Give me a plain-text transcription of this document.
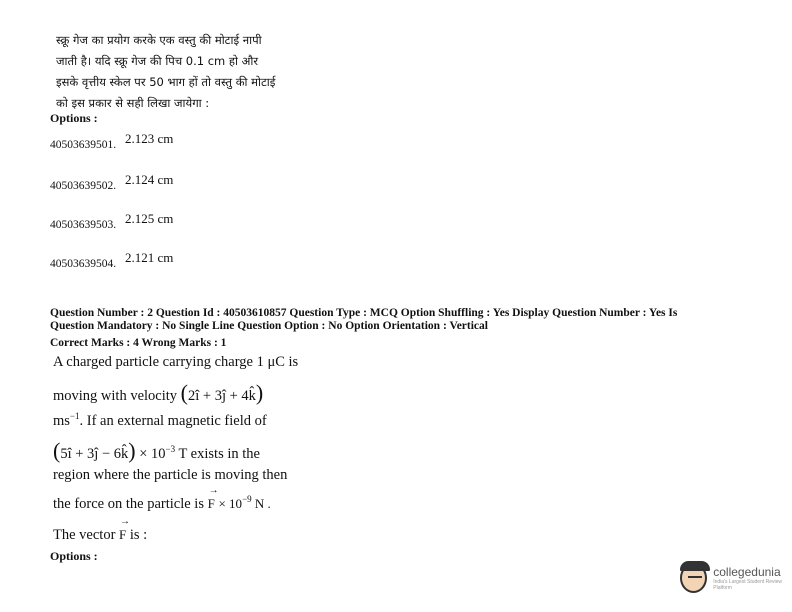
स्क्रू गेज का प्रयोग करके एक वस्तु की मोटाई नापी
जाती है। यदि स्क्रू गेज की पिच 0.1 cm हो और
इसके वृत्तीय स्केल पर 50 भाग हों तो वस्तु की मोटाई
को इस प्रकार से सही लिखा जायेगा :
Options :
40503639501. 2.123 cm
40503639502. 2.124 cm
40503639503. 2.125 cm
40503639504. 2.121 cm
Question Number : 2 Question Id : 40503610857 Question Type : MCQ Option Shuffling : Yes Display Question Number : Yes Is
Question Mandatory : No Single Line Question Option : No Option Orientation : Vertical
Correct Marks : 4 Wrong Marks : 1
A charged particle carrying charge 1 μC is
moving with velocity (2î + 3ĵ + 4k̂)
$ms^{-1}$. If an external magnetic field of
(5î + 3ĵ − 6k̂) × $10^{-3}$ T exists in the
region where the particle is moving then
the force on the particle is
→
$F \times 10^{-9}$ N .
The vector
→
F is :
Options :
collegedunia
India's Largest Student Review Platform
